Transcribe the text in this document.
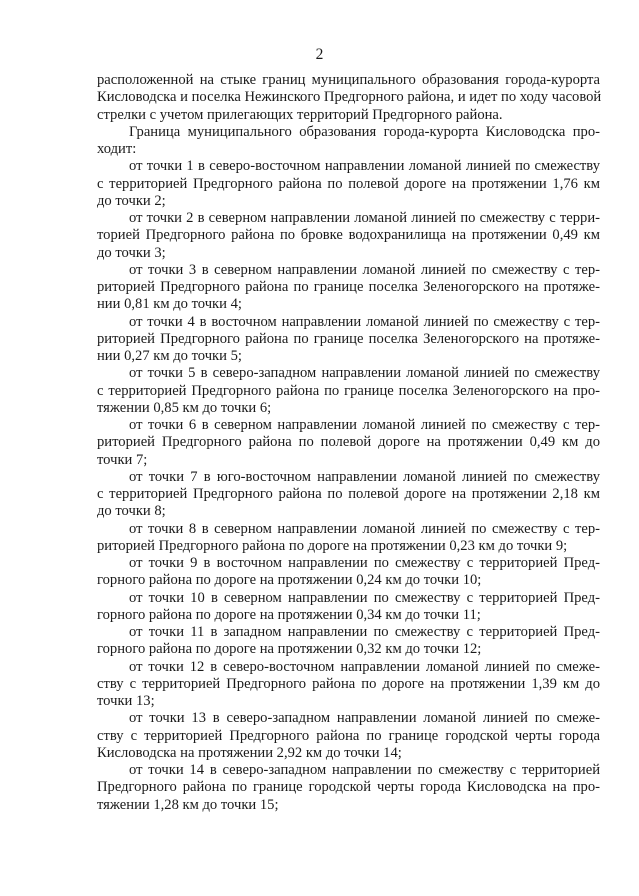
2
расположенной на стыке границ муниципального образования города-курорта
Кисловодска и поселка Нежинского Предгорного района, и идет по ходу часовой
стрелки с учетом прилегающих территорий Предгорного района.
Граница муниципального образования города-курорта Кисловодска про-
ходит:
от точки 1 в северо-восточном направлении ломаной линией по смежеству
с территорией Предгорного района по полевой дороге на протяжении 1,76 км
до точки 2;
от точки 2 в северном направлении ломаной линией по смежеству с терри-
торией Предгорного района по бровке водохранилища на протяжении 0,49 км
до точки 3;
от точки 3 в северном направлении ломаной линией по смежеству с тер-
риторией Предгорного района по границе поселка Зеленогорского на протяже-
нии 0,81 км до точки 4;
от точки 4 в восточном направлении ломаной линией по смежеству с тер-
риторией Предгорного района по границе поселка Зеленогорского на протяже-
нии 0,27 км до точки 5;
от точки 5 в северо-западном направлении ломаной линией по смежеству
с территорией Предгорного района по границе поселка Зеленогорского на про-
тяжении 0,85 км до точки 6;
от точки 6 в северном направлении ломаной линией по смежеству с тер-
риторией Предгорного района по полевой дороге на протяжении 0,49 км до
точки 7;
от точки 7 в юго-восточном направлении ломаной линией по смежеству
с территорией Предгорного района по полевой дороге на протяжении 2,18 км
до точки 8;
от точки 8 в северном направлении ломаной линией по смежеству с тер-
риторией Предгорного района по дороге на протяжении 0,23 км до точки 9;
от точки 9 в восточном направлении по смежеству с территорией Пред-
горного района по дороге на протяжении 0,24 км до точки 10;
от точки 10 в северном направлении по смежеству с территорией Пред-
горного района по дороге на протяжении 0,34 км до точки 11;
от точки 11 в западном направлении по смежеству с территорией Пред-
горного района по дороге на протяжении 0,32 км до точки 12;
от точки 12 в северо-восточном направлении ломаной линией по смеже-
ству с территорией Предгорного района по дороге на протяжении 1,39 км до
точки 13;
от точки 13 в северо-западном направлении ломаной линией по смеже-
ству с территорией Предгорного района по границе городской черты города
Кисловодска на протяжении 2,92 км до точки 14;
от точки 14 в северо-западном направлении по смежеству с территорией
Предгорного района по границе городской черты города Кисловодска на про-
тяжении 1,28 км до точки 15;
